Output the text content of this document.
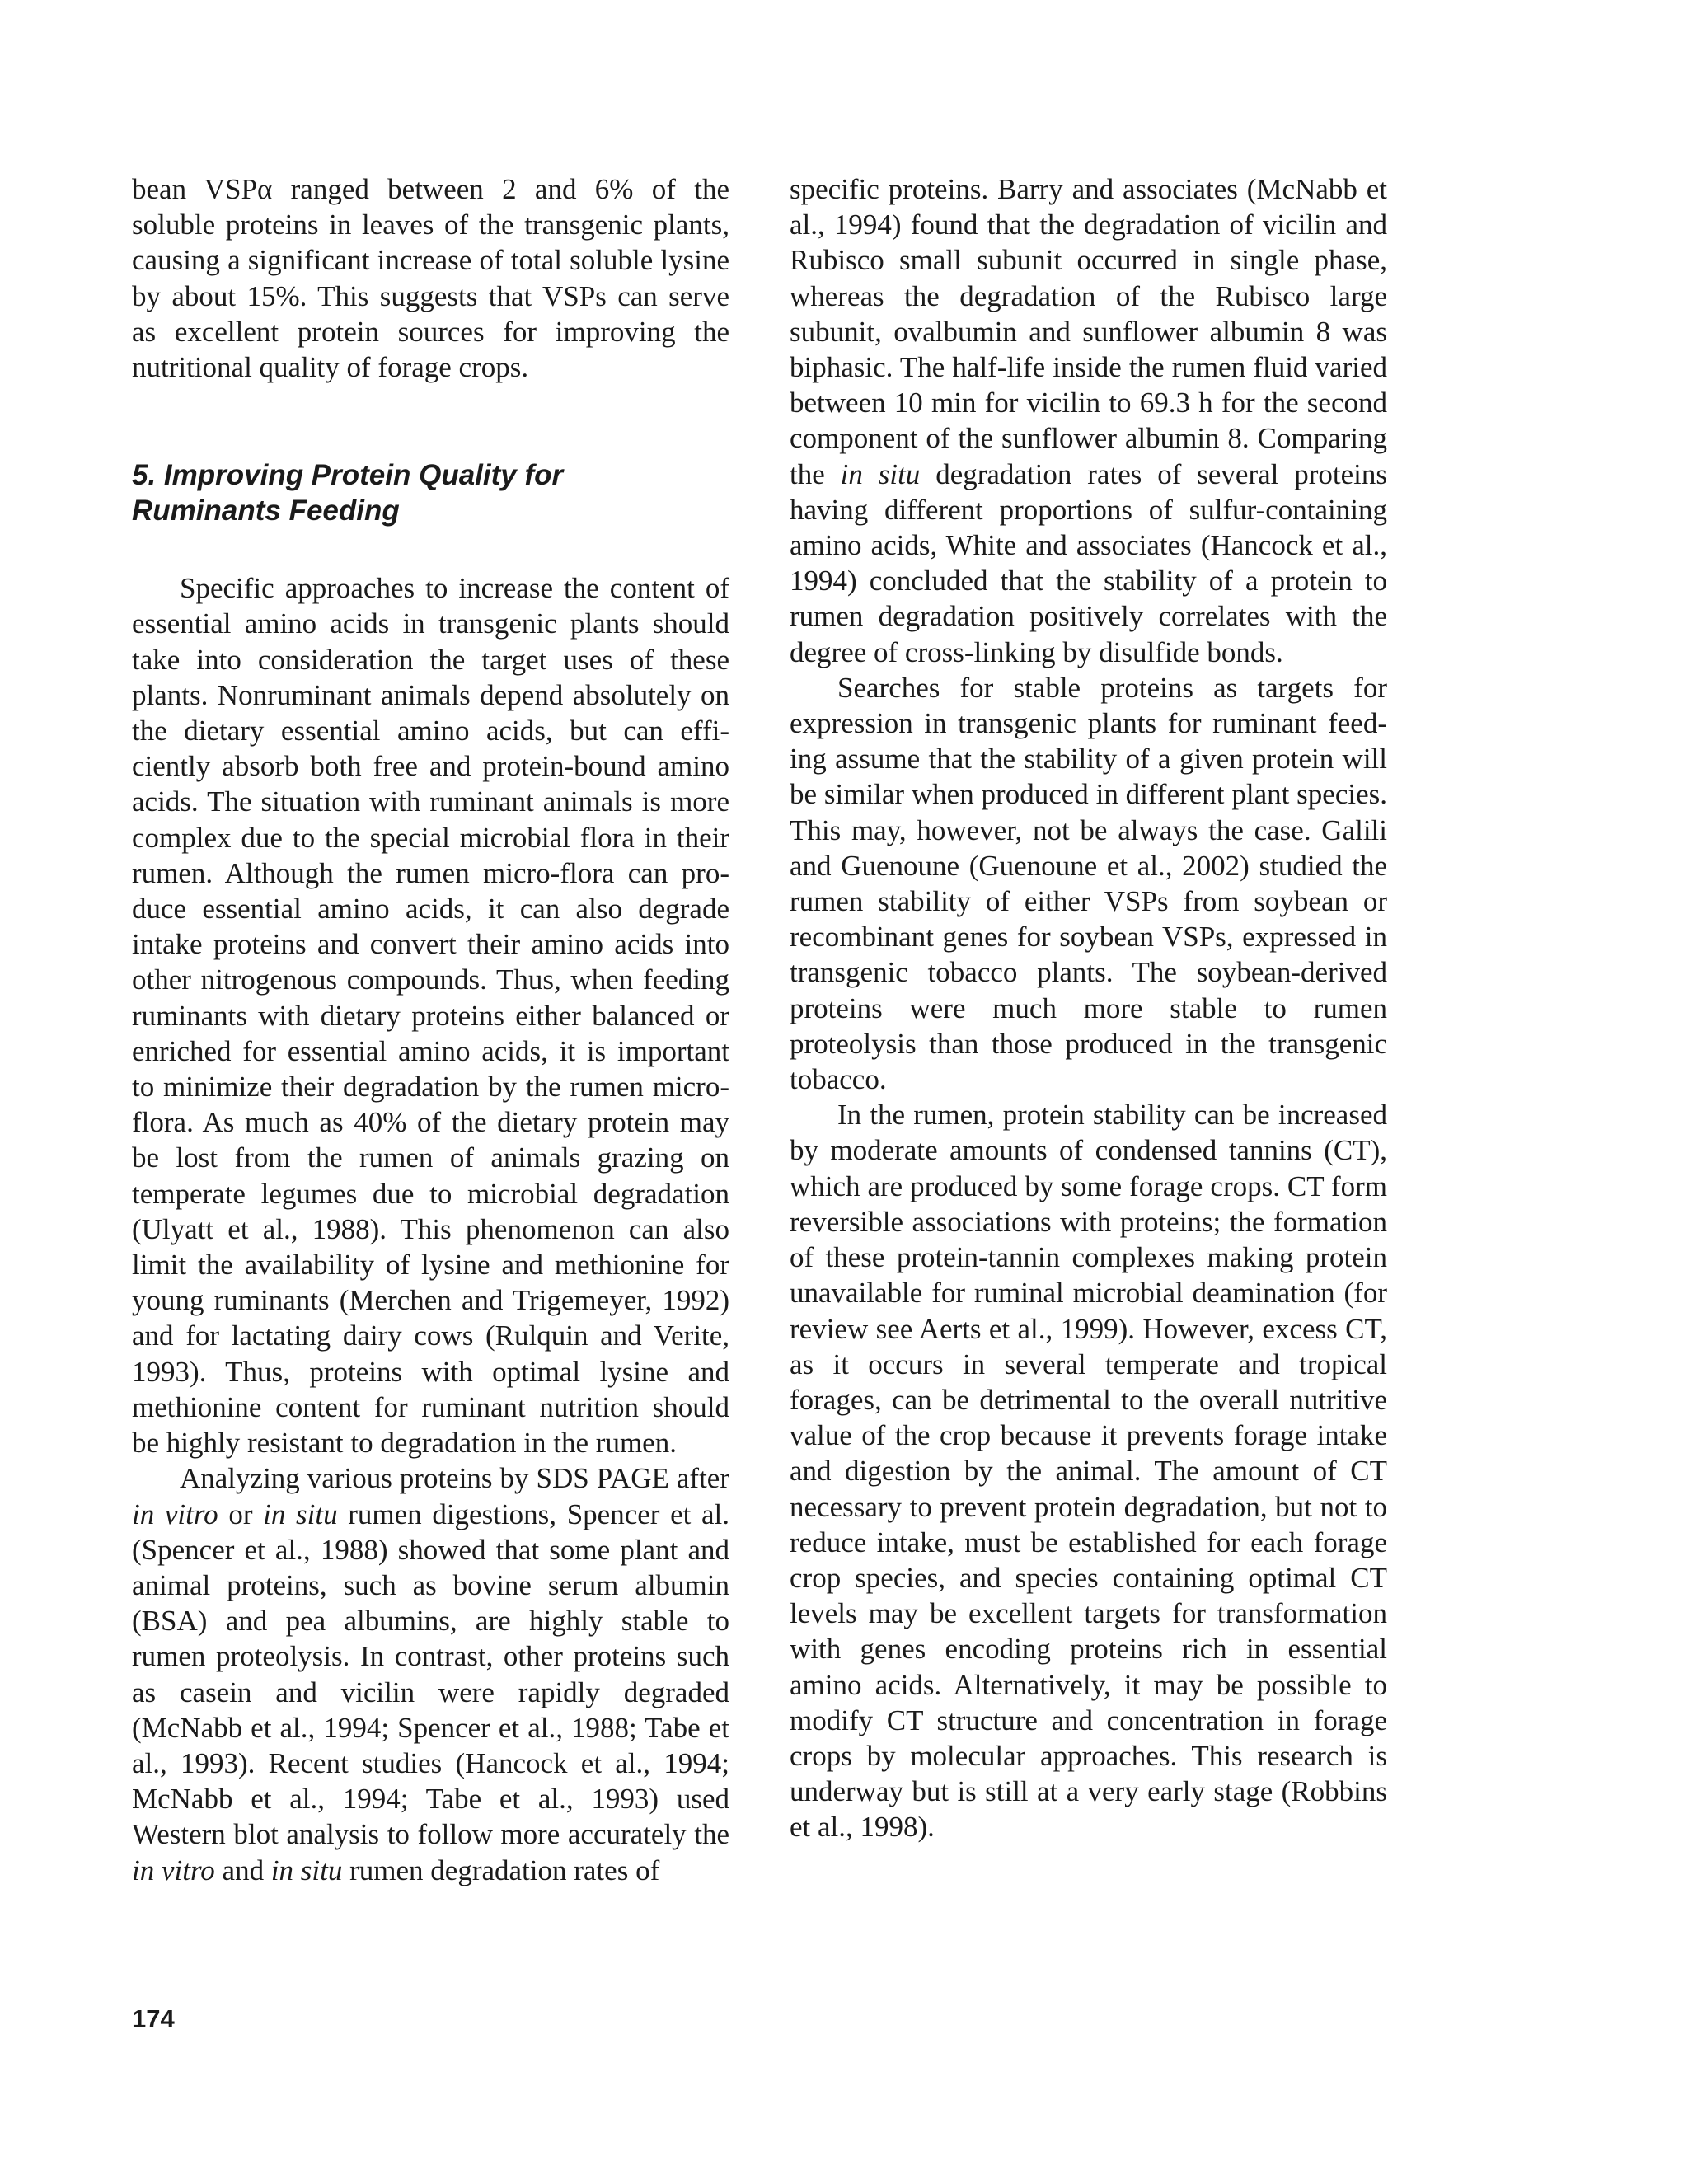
bean VSPα ranged between 2 and 6% of the soluble proteins in leaves of the transgenic plants, causing a significant increase of total soluble lysine by about 15%. This suggests that VSPs can serve as excellent protein sources for improving the nutritional quality of forage crops.

5. Improving Protein Quality for
Ruminants Feeding

Specific approaches to increase the content of essential amino acids in transgenic plants should take into consideration the target uses of these plants. Nonruminant animals depend absolutely on the dietary essential amino acids, but can efficiently absorb both free and protein-bound amino acids. The situation with ruminant animals is more complex due to the special microbial flora in their rumen. Although the rumen micro-flora can produce essential amino acids, it can also degrade intake proteins and convert their amino acids into other nitrogenous compounds. Thus, when feeding ruminants with dietary proteins either balanced or enriched for essential amino acids, it is important to minimize their degradation by the rumen micro-flora. As much as 40% of the dietary protein may be lost from the rumen of animals grazing on temperate legumes due to microbial degradation (Ulyatt et al., 1988). This phenomenon can also limit the availability of lysine and methionine for young ruminants (Merchen and Trigemeyer, 1992) and for lactating dairy cows (Rulquin and Verite, 1993). Thus, proteins with optimal lysine and methionine content for ruminant nutrition should be highly resistant to degradation in the rumen.

Analyzing various proteins by SDS PAGE after in vitro or in situ rumen digestions, Spencer et al. (Spencer et al., 1988) showed that some plant and animal proteins, such as bovine serum albumin (BSA) and pea albumins, are highly stable to rumen proteolysis. In contrast, other proteins such as casein and vicilin were rapidly degraded (McNabb et al., 1994; Spencer et al., 1988; Tabe et al., 1993). Recent studies (Hancock et al., 1994; McNabb et al., 1994; Tabe et al., 1993) used Western blot analysis to follow more accurately the in vitro and in situ rumen degradation rates of

specific proteins. Barry and associates (McNabb et al., 1994) found that the degradation of vicilin and Rubisco small subunit occurred in single phase, whereas the degradation of the Rubisco large subunit, ovalbumin and sunflower albumin 8 was biphasic. The half-life inside the rumen fluid varied between 10 min for vicilin to 69.3 h for the second component of the sunflower albumin 8. Comparing the in situ degradation rates of several proteins having different proportions of sulfur-containing amino acids, White and associates (Hancock et al., 1994) concluded that the stability of a protein to rumen degradation positively correlates with the degree of cross-linking by disulfide bonds.

Searches for stable proteins as targets for expression in transgenic plants for ruminant feeding assume that the stability of a given protein will be similar when produced in different plant species. This may, however, not be always the case. Galili and Guenoune (Guenoune et al., 2002) studied the rumen stability of either VSPs from soybean or recombinant genes for soybean VSPs, expressed in transgenic tobacco plants. The soybean-derived proteins were much more stable to rumen proteolysis than those produced in the transgenic tobacco.

In the rumen, protein stability can be increased by moderate amounts of condensed tannins (CT), which are produced by some forage crops. CT form reversible associations with proteins; the formation of these protein-tannin complexes making protein unavailable for ruminal microbial deamination (for review see Aerts et al., 1999). However, excess CT, as it occurs in several temperate and tropical forages, can be detrimental to the overall nutritive value of the crop because it prevents forage intake and digestion by the animal. The amount of CT necessary to prevent protein degradation, but not to reduce intake, must be established for each forage crop species, and species containing optimal CT levels may be excellent targets for transformation with genes encoding proteins rich in essential amino acids. Alternatively, it may be possible to modify CT structure and concentration in forage crops by molecular approaches. This research is underway but is still at a very early stage (Robbins et al., 1998).

174
